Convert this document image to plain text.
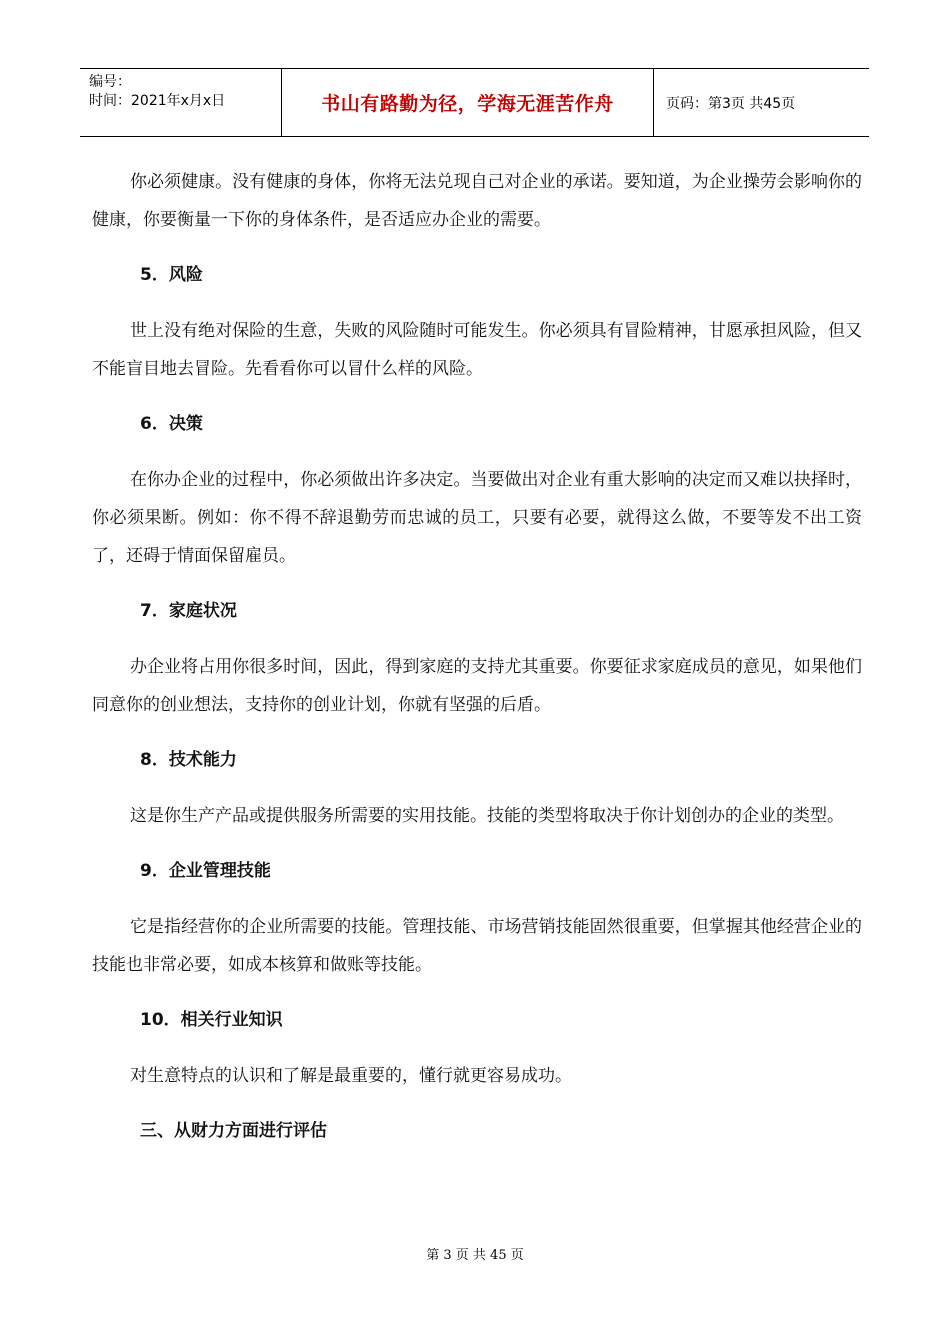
编号：
时间：2021年x月x日	书山有路勤为径，学海无涯苦作舟	页码：第3页 共45页

你必须健康。没有健康的身体，你将无法兑现自己对企业的承诺。要知道，为企业操劳会影响你的健康，你要衡量一下你的身体条件，是否适应办企业的需要。

5．风险

世上没有绝对保险的生意，失败的风险随时可能发生。你必须具有冒险精神，甘愿承担风险，但又不能盲目地去冒险。先看看你可以冒什么样的风险。

6．决策

在你办企业的过程中，你必须做出许多决定。当要做出对企业有重大影响的决定而又难以抉择时，你必须果断。例如：你不得不辞退勤劳而忠诚的员工，只要有必要，就得这么做，不要等发不出工资了，还碍于情面保留雇员。

7．家庭状况

办企业将占用你很多时间，因此，得到家庭的支持尤其重要。你要征求家庭成员的意见，如果他们同意你的创业想法，支持你的创业计划，你就有坚强的后盾。

8．技术能力

这是你生产产品或提供服务所需要的实用技能。技能的类型将取决于你计划创办的企业的类型。

9．企业管理技能

它是指经营你的企业所需要的技能。管理技能、市场营销技能固然很重要，但掌握其他经营企业的技能也非常必要，如成本核算和做账等技能。

10．相关行业知识

对生意特点的认识和了解是最重要的，懂行就更容易成功。

三、从财力方面进行评估

第 3 页 共 45 页
